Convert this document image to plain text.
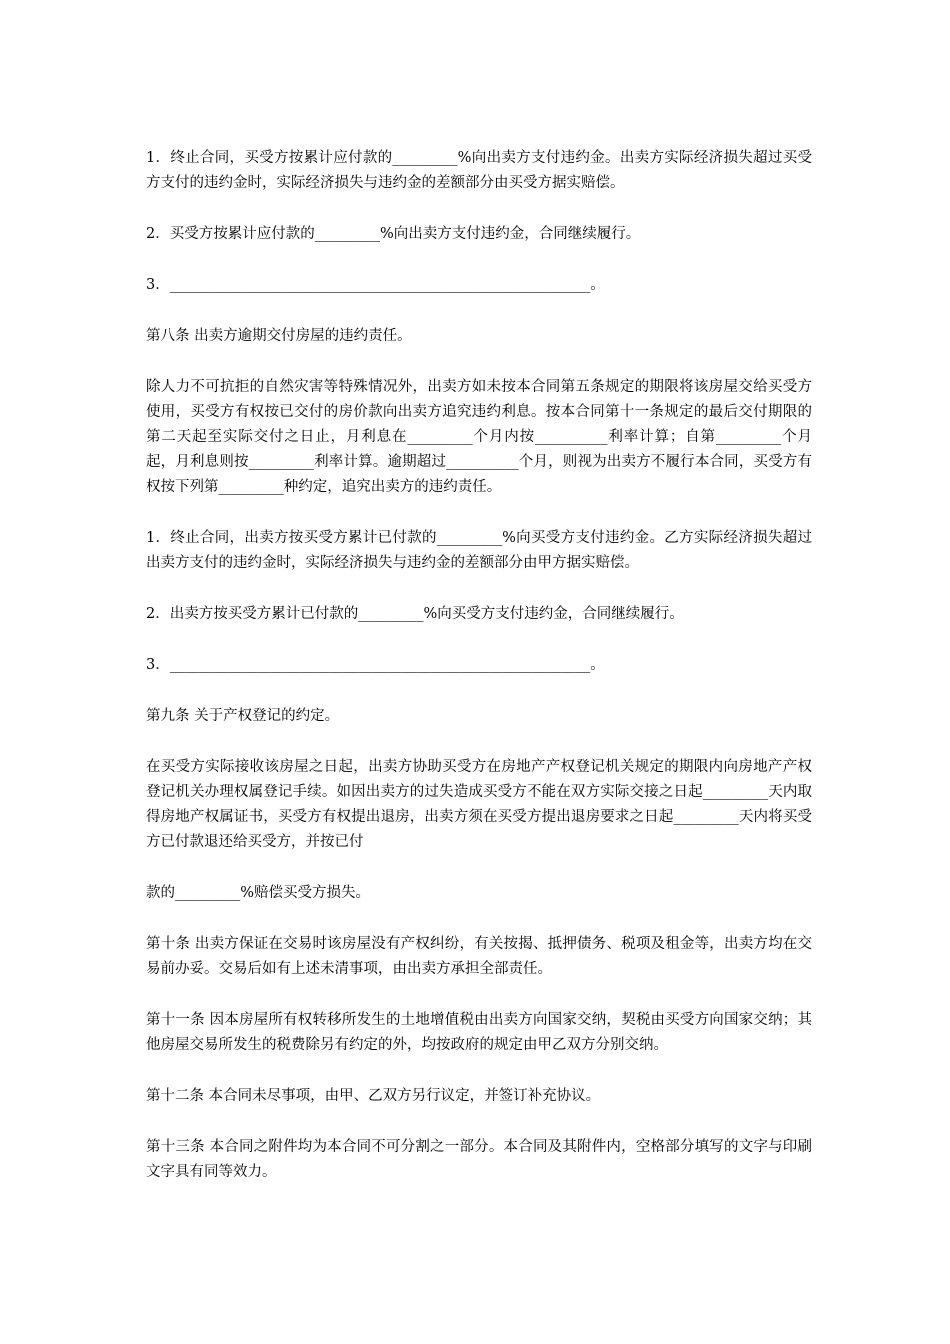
1．终止合同，买受方按累计应付款的_________%向出卖方支付违约金。出卖方实际经济损失超过买受方支付的违约金时，实际经济损失与违约金的差额部分由买受方据实赔偿。

2．买受方按累计应付款的_________%向出卖方支付违约金，合同继续履行。

3．__________________________________________________________。

第八条 出卖方逾期交付房屋的违约责任。

除人力不可抗拒的自然灾害等特殊情况外，出卖方如未按本合同第五条规定的期限将该房屋交给买受方使用，买受方有权按已交付的房价款向出卖方追究违约利息。按本合同第十一条规定的最后交付期限的第二天起至实际交付之日止，月利息在_________个月内按__________利率计算；自第_________个月起，月利息则按_________利率计算。逾期超过__________个月，则视为出卖方不履行本合同，买受方有权按下列第_________种约定，追究出卖方的违约责任。

1．终止合同，出卖方按买受方累计已付款的_________%向买受方支付违约金。乙方实际经济损失超过出卖方支付的违约金时，实际经济损失与违约金的差额部分由甲方据实赔偿。

2．出卖方按买受方累计已付款的_________%向买受方支付违约金，合同继续履行。

3．__________________________________________________________。

第九条 关于产权登记的约定。

在买受方实际接收该房屋之日起，出卖方协助买受方在房地产产权登记机关规定的期限内向房地产产权登记机关办理权属登记手续。如因出卖方的过失造成买受方不能在双方实际交接之日起_________天内取得房地产权属证书，买受方有权提出退房，出卖方须在买受方提出退房要求之日起_________天内将买受方已付款退还给买受方，并按已付

款的_________%赔偿买受方损失。

第十条 出卖方保证在交易时该房屋没有产权纠纷，有关按揭、抵押债务、税项及租金等，出卖方均在交易前办妥。交易后如有上述未清事项，由出卖方承担全部责任。

第十一条 因本房屋所有权转移所发生的土地增值税由出卖方向国家交纳，契税由买受方向国家交纳；其他房屋交易所发生的税费除另有约定的外，均按政府的规定由甲乙双方分别交纳。

第十二条 本合同未尽事项，由甲、乙双方另行议定，并签订补充协议。

第十三条 本合同之附件均为本合同不可分割之一部分。本合同及其附件内，空格部分填写的文字与印刷文字具有同等效力。
